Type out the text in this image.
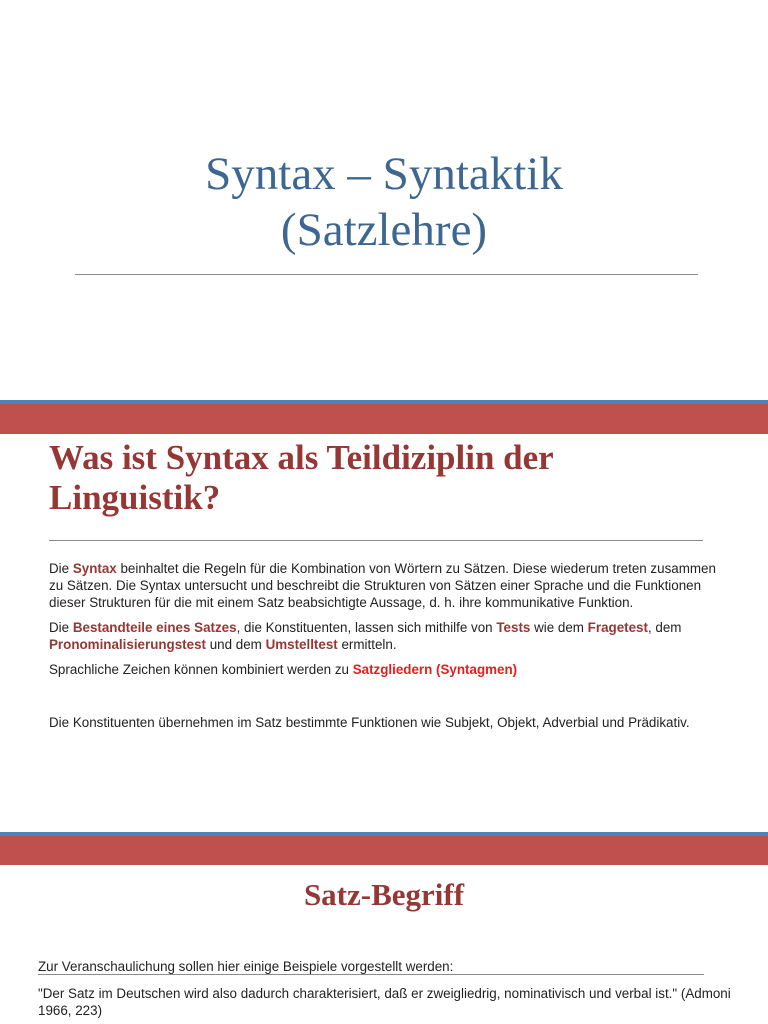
Syntax – Syntaktik
(Satzlehre)
Was ist Syntax als Teildiziplin der
Linguistik?

Die Syntax beinhaltet die Regeln für die Kombination von Wörtern zu Sätzen. Diese wiederum treten zusammen zu Sätzen. Die Syntax untersucht und beschreibt die Strukturen von Sätzen einer Sprache und die Funktionen dieser Strukturen für die mit einem Satz beabsichtigte Aussage, d. h. ihre kommunikative Funktion.

Die Bestandteile eines Satzes, die Konstituenten, lassen sich mithilfe von Tests wie dem Fragetest, dem Pronominalisierungstest und dem Umstelltest ermitteln.

Sprachliche Zeichen können kombiniert werden zu Satzgliedern (Syntagmen)

Die Konstituenten übernehmen im Satz bestimmte Funktionen wie Subjekt, Objekt, Adverbial und Prädikativ.

Satz-Begriff
Zur Veranschaulichung sollen hier einige Beispiele vorgestellt werden:
"Der Satz im Deutschen wird also dadurch charakterisiert, daß er zweigliedrig, nominativisch und verbal ist." (Admoni 1966, 223)
